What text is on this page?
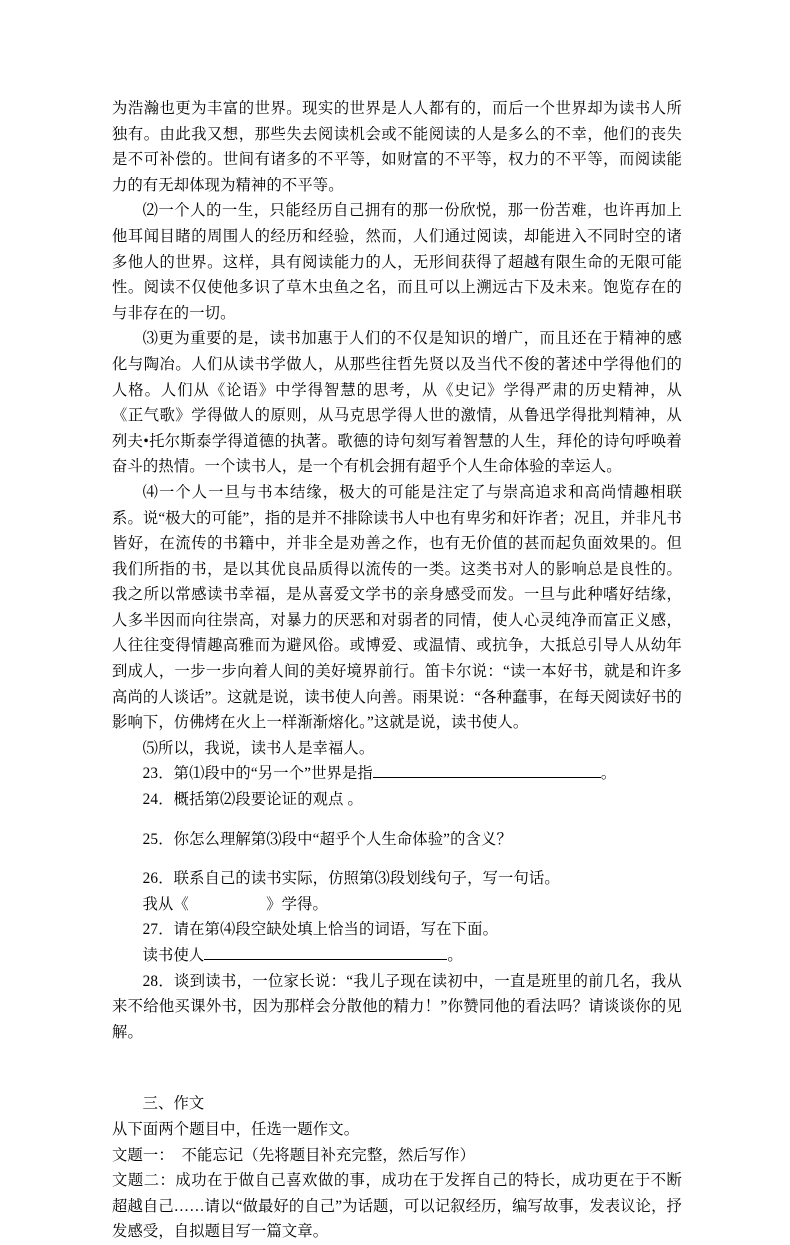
为浩瀚也更为丰富的世界。现实的世界是人人都有的，而后一个世界却为读书人所独有。由此我又想，那些失去阅读机会或不能阅读的人是多么的不幸，他们的丧失是不可补偿的。世间有诸多的不平等，如财富的不平等，权力的不平等，而阅读能力的有无却体现为精神的不平等。

⑵一个人的一生，只能经历自己拥有的那一份欣悦，那一份苦难，也许再加上他耳闻目睹的周围人的经历和经验，然而，人们通过阅读，却能进入不同时空的诸多他人的世界。这样，具有阅读能力的人，无形间获得了超越有限生命的无限可能性。阅读不仅使他多识了草木虫鱼之名，而且可以上溯远古下及未来。饱览存在的与非存在的一切。

⑶更为重要的是，读书加惠于人们的不仅是知识的增广，而且还在于精神的感化与陶冶。人们从读书学做人，从那些往哲先贤以及当代不俊的著述中学得他们的人格。人们从《论语》中学得智慧的思考，从《史记》学得严肃的历史精神，从《正气歌》学得做人的原则，从马克思学得人世的激情，从鲁迅学得批判精神，从列夫•托尔斯泰学得道德的执著。歌德的诗句刻写着智慧的人生，拜伦的诗句呼唤着奋斗的热情。一个读书人，是一个有机会拥有超乎个人生命体验的幸运人。

⑷一个人一旦与书本结缘，极大的可能是注定了与崇高追求和高尚情趣相联系。说“极大的可能”，指的是并不排除读书人中也有卑劣和奸诈者；况且，并非凡书皆好，在流传的书籍中，并非全是劝善之作，也有无价值的甚而起负面效果的。但我们所指的书，是以其优良品质得以流传的一类。这类书对人的影响总是良性的。我之所以常感读书幸福，是从喜爱文学书的亲身感受而发。一旦与此种嗜好结缘，人多半因而向往崇高，对暴力的厌恶和对弱者的同情，使人心灵纯净而富正义感，人往往变得情趣高雅而为避风俗。或博爱、或温情、或抗争，大抵总引导人从幼年到成人，一步一步向着人间的美好境界前行。笛卡尔说：“读一本好书，就是和许多高尚的人谈话”。这就是说，读书使人向善。雨果说：“各种蠢事，在每天阅读好书的影响下，仿佛烤在火上一样渐渐熔化。”这就是说，读书使人。

⑸所以，我说，读书人是幸福人。

23．第⑴段中的“另一个”世界是指	。

24．概括第⑵段要论证的观点 。

25．你怎么理解第⑶段中“超乎个人生命体验”的含义？

26．联系自己的读书实际，仿照第⑶段划线句子，写一句话。

我从《　　　　　》学得。

27．请在第⑷段空缺处填上恰当的词语，写在下面。

读书使人	。

28．谈到读书，一位家长说：“我儿子现在读初中，一直是班里的前几名，我从来不给他买课外书，因为那样会分散他的精力！”你赞同他的看法吗？请谈谈你的见解。

三、作文

从下面两个题目中，任选一题作文。

文题一：　不能忘记（先将题目补充完整，然后写作）

文题二：成功在于做自己喜欢做的事，成功在于发挥自己的特长，成功更在于不断超越自己……请以“做最好的自己”为话题，可以记叙经历，编写故事，发表议论，抒发感受，自拟题目写一篇文章。
